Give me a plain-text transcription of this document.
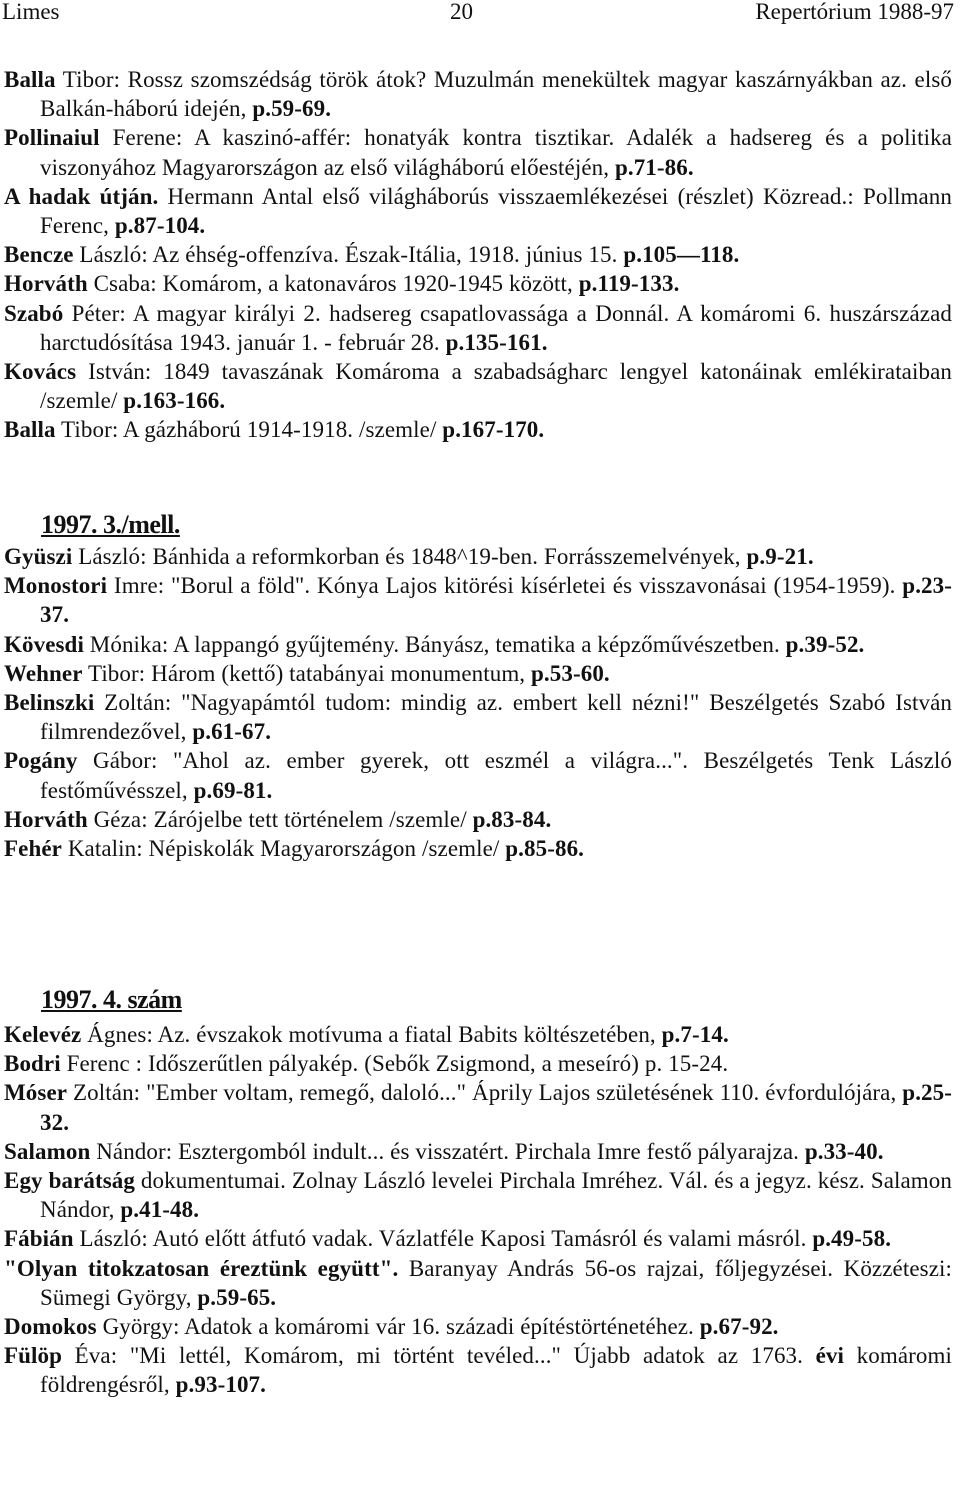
Limes	20	Repertórium 1988-97
Balla Tibor: Rossz szomszédság török átok? Muzulmán menekültek magyar kaszárnyákban az. első Balkán-háború idején, p.59-69.
Pollinaiul Ferene: A kaszinó-affér: honatyák kontra tisztikar. Adalék a hadsereg és a politika viszonyához Magyarországon az első világháború előestéjén, p.71-86.
A hadak útján. Hermann Antal első világháborús visszaemlékezései (részlet) Közread.: Pollmann Ferenc, p.87-104.
Bencze László: Az éhség-offenzíva. Észak-Itália, 1918. június 15. p.105—118.
Horváth Csaba: Komárom, a katonaváros 1920-1945 között, p.119-133.
Szabó Péter: A magyar királyi 2. hadsereg csapatlovassága a Donnál. A komáromi 6. huszárszázad harctudósítása 1943. január 1. - február 28. p.135-161.
Kovács István: 1849 tavaszának Komároma a szabadságharc lengyel katonáinak emlékirataiban /szemle/ p.163-166.
Balla Tibor: A gázháború 1914-1918. /szemle/ p.167-170.
1997. 3./mell.
Gyüszi László: Bánhida a reformkorban és 1848^19-ben. Forrásszemelvények, p.9-21.
Monostori Imre: "Borul a föld". Kónya Lajos kitörési kísérletei és visszavonásai (1954-1959). p.23-37.
Kövesdi Mónika: A lappangó gyűjtemény. Bányász, tematika a képzőművészetben. p.39-52.
Wehner Tibor: Három (kettő) tatabányai monumentum, p.53-60.
Belinszki Zoltán: "Nagyapámtól tudom: mindig az. embert kell nézni!" Beszélgetés Szabó István filmrendezővel, p.61-67.
Pogány Gábor: "Ahol az. ember gyerek, ott eszmél a világra...". Beszélgetés Tenk László festőművésszel, p.69-81.
Horváth Géza: Zárójelbe tett történelem /szemle/ p.83-84.
Fehér Katalin: Népiskolák Magyarországon /szemle/ p.85-86.
1997. 4. szám
Kelevéz Ágnes: Az. évszakok motívuma a fiatal Babits költészetében, p.7-14.
Bodri Ferenc : Időszerűtlen pályakép. (Sebők Zsigmond, a meseíró) p. 15-24.
Móser Zoltán: "Ember voltam, remegő, daloló..." Áprily Lajos születésének 110. évfordulójára, p.25-32.
Salamon Nándor: Esztergomból indult... és visszatért. Pirchala Imre festő pályarajza. p.33-40.
Egy barátság dokumentumai. Zolnay László levelei Pirchala Imréhez. Vál. és a jegyz. kész. Salamon Nándor, p.41-48.
Fábián László: Autó előtt átfutó vadak. Vázlatféle Kaposi Tamásról és valami másról. p.49-58.
"Olyan titokzatosan éreztünk együtt". Baranyay András 56-os rajzai, főljegyzései. Közzéteszi: Sümegi György, p.59-65.
Domokos György: Adatok a komáromi vár 16. századi építéstörténetéhez. p.67-92.
Fülöp Éva: "Mi lettél, Komárom, mi történt tevéled..." Újabb adatok az 1763. évi komáromi földrengésről, p.93-107.
